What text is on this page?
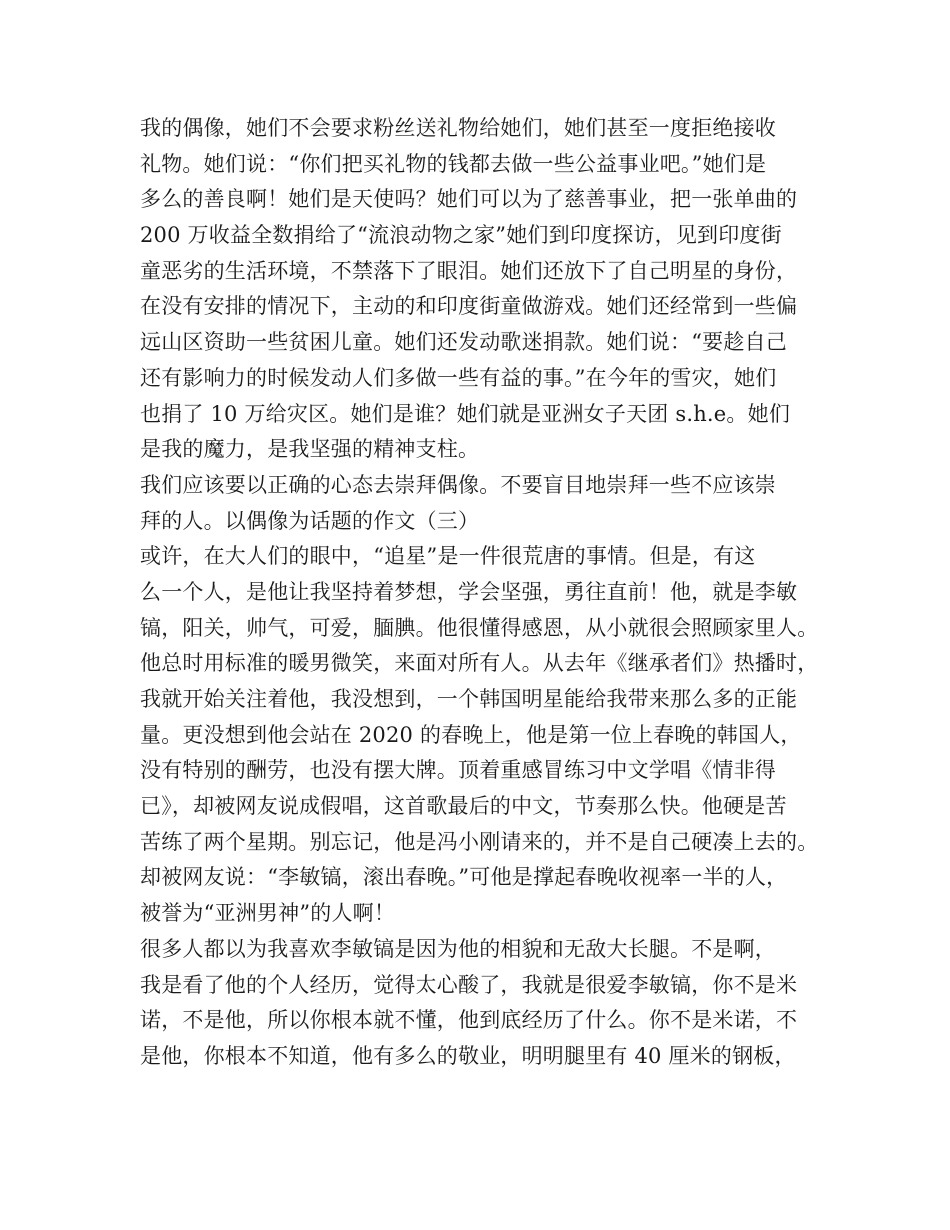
我的偶像，她们不会要求粉丝送礼物给她们，她们甚至一度拒绝接收
礼物。她们说：“你们把买礼物的钱都去做一些公益事业吧。”她们是
多么的善良啊！她们是天使吗？她们可以为了慈善事业，把一张单曲的
200 万收益全数捐给了“流浪动物之家”她们到印度探访，见到印度街
童恶劣的生活环境，不禁落下了眼泪。她们还放下了自己明星的身份，
在没有安排的情况下，主动的和印度街童做游戏。她们还经常到一些偏
远山区资助一些贫困儿童。她们还发动歌迷捐款。她们说：“要趁自己
还有影响力的时候发动人们多做一些有益的事。”在今年的雪灾，她们
也捐了 10 万给灾区。她们是谁？她们就是亚洲女子天团 s.h.e。她们
是我的魔力，是我坚强的精神支柱。
我们应该要以正确的心态去崇拜偶像。不要盲目地崇拜一些不应该崇
拜的人。以偶像为话题的作文（三）
或许，在大人们的眼中，“追星”是一件很荒唐的事情。但是，有这
么一个人，是他让我坚持着梦想，学会坚强，勇往直前！他，就是李敏
镐，阳关，帅气，可爱，腼腆。他很懂得感恩，从小就很会照顾家里人。
他总时用标准的暖男微笑，来面对所有人。从去年《继承者们》热播时，
我就开始关注着他，我没想到，一个韩国明星能给我带来那么多的正能
量。更没想到他会站在 2020 的春晚上，他是第一位上春晚的韩国人，
没有特别的酬劳，也没有摆大牌。顶着重感冒练习中文学唱《情非得
已》，却被网友说成假唱，这首歌最后的中文，节奏那么快。他硬是苦
苦练了两个星期。别忘记，他是冯小刚请来的，并不是自己硬凑上去的。
却被网友说：“李敏镐，滚出春晚。”可他是撑起春晚收视率一半的人，
被誉为“亚洲男神”的人啊！
很多人都以为我喜欢李敏镐是因为他的相貌和无敌大长腿。不是啊，
我是看了他的个人经历，觉得太心酸了，我就是很爱李敏镐，你不是米
诺，不是他，所以你根本就不懂，他到底经历了什么。你不是米诺，不
是他，你根本不知道，他有多么的敬业，明明腿里有 40 厘米的钢板，
